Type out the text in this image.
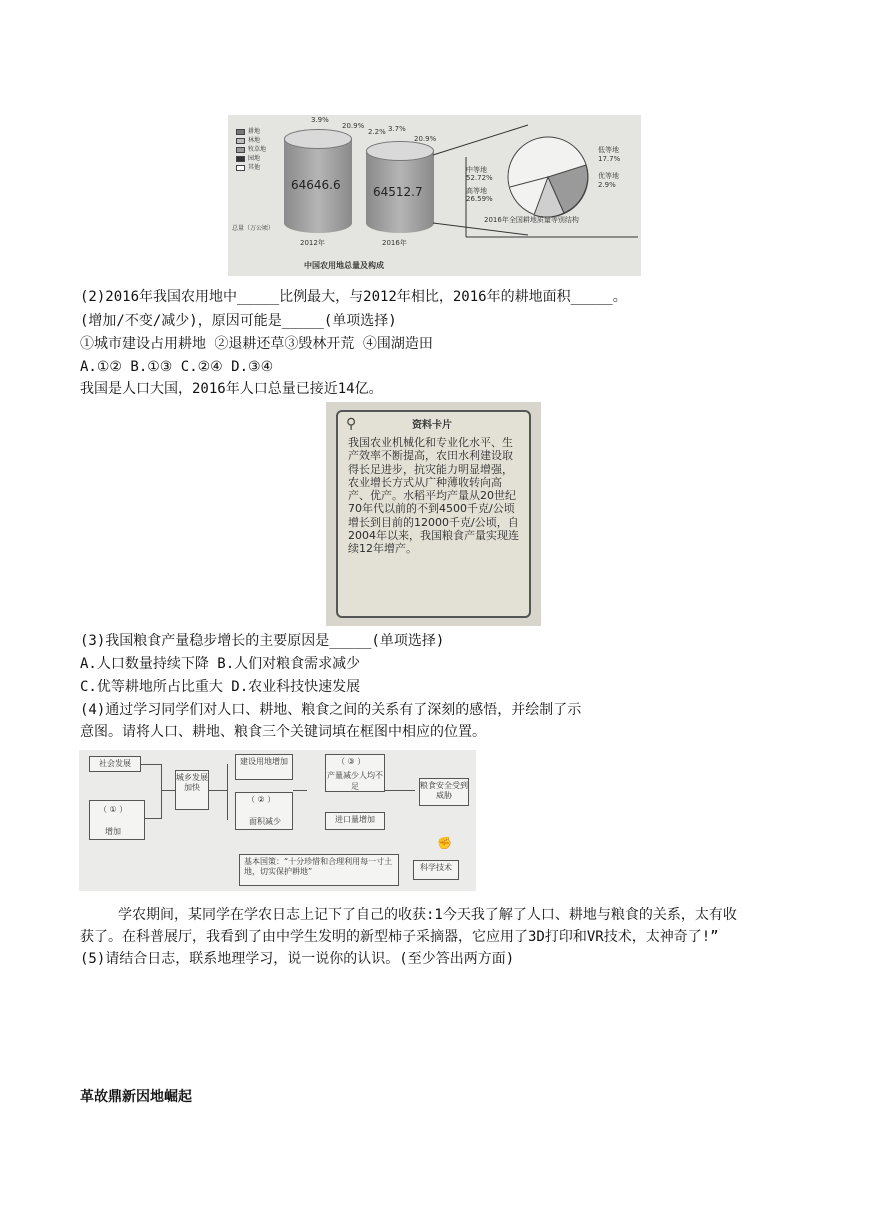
耕地
林地
牧草地
园地
其他
总量（万公顷）
64646.6
3.9%
20.9%
2012年
64512.7
2.2% 3.7%
20.9%
2016年
中等地
52.72%
高等地
26.59%
低等地
17.7%
优等地
2.9%
2016年全国耕地质量等别结构
中国农用地总量及构成
(2)2016年我国农用地中_____比例最大，与2012年相比，2016年的耕地面积_____。
(增加/不变/减少)，原因可能是_____(单项选择)
①城市建设占用耕地 ②退耕还草③毁林开荒 ④围湖造田
A.①② B.①③ C.②④ D.③④
我国是人口大国，2016年人口总量已接近14亿。
⚲	资料卡片
我国农业机械化和专业化水平、生产效率不断提高，农田水利建设取得长足进步，抗灾能力明显增强，农业增长方式从广种薄收转向高产、优产。水稻平均产量从20世纪70年代以前的不到4500千克/公顷增长到目前的12000千克/公顷，自2004年以来，我国粮食产量实现连续12年增产。
(3)我国粮食产量稳步增长的主要原因是_____(单项选择)
A.人口数量持续下降 B.人们对粮食需求减少
C.优等耕地所占比重大 D.农业科技快速发展
(4)通过学习同学们对人口、耕地、粮食之间的关系有了深刻的感悟，并绘制了示
意图。请将人口、耕地、粮食三个关键词填在框图中相应的位置。
社会发展
（ ① ）
增加
城乡发展加快
建设用地增加
（ ② ）
面积减少
（ ③ ）
产量减少人均不足
进口量增加
粮食安全受到威胁
基本国策：“十分珍惜和合理利用每一寸土地，切实保护耕地”	科学技术
✊
学农期间，某同学在学农日志上记下了自己的收获:1今天我了解了人口、耕地与粮食的关系，太有收
获了。在科普展厅，我看到了由中学生发明的新型柿子采摘器，它应用了3D打印和VR技术，太神奇了!”
(5)请结合日志，联系地理学习，说一说你的认识。(至少答出两方面)
革故鼎新因地崛起
